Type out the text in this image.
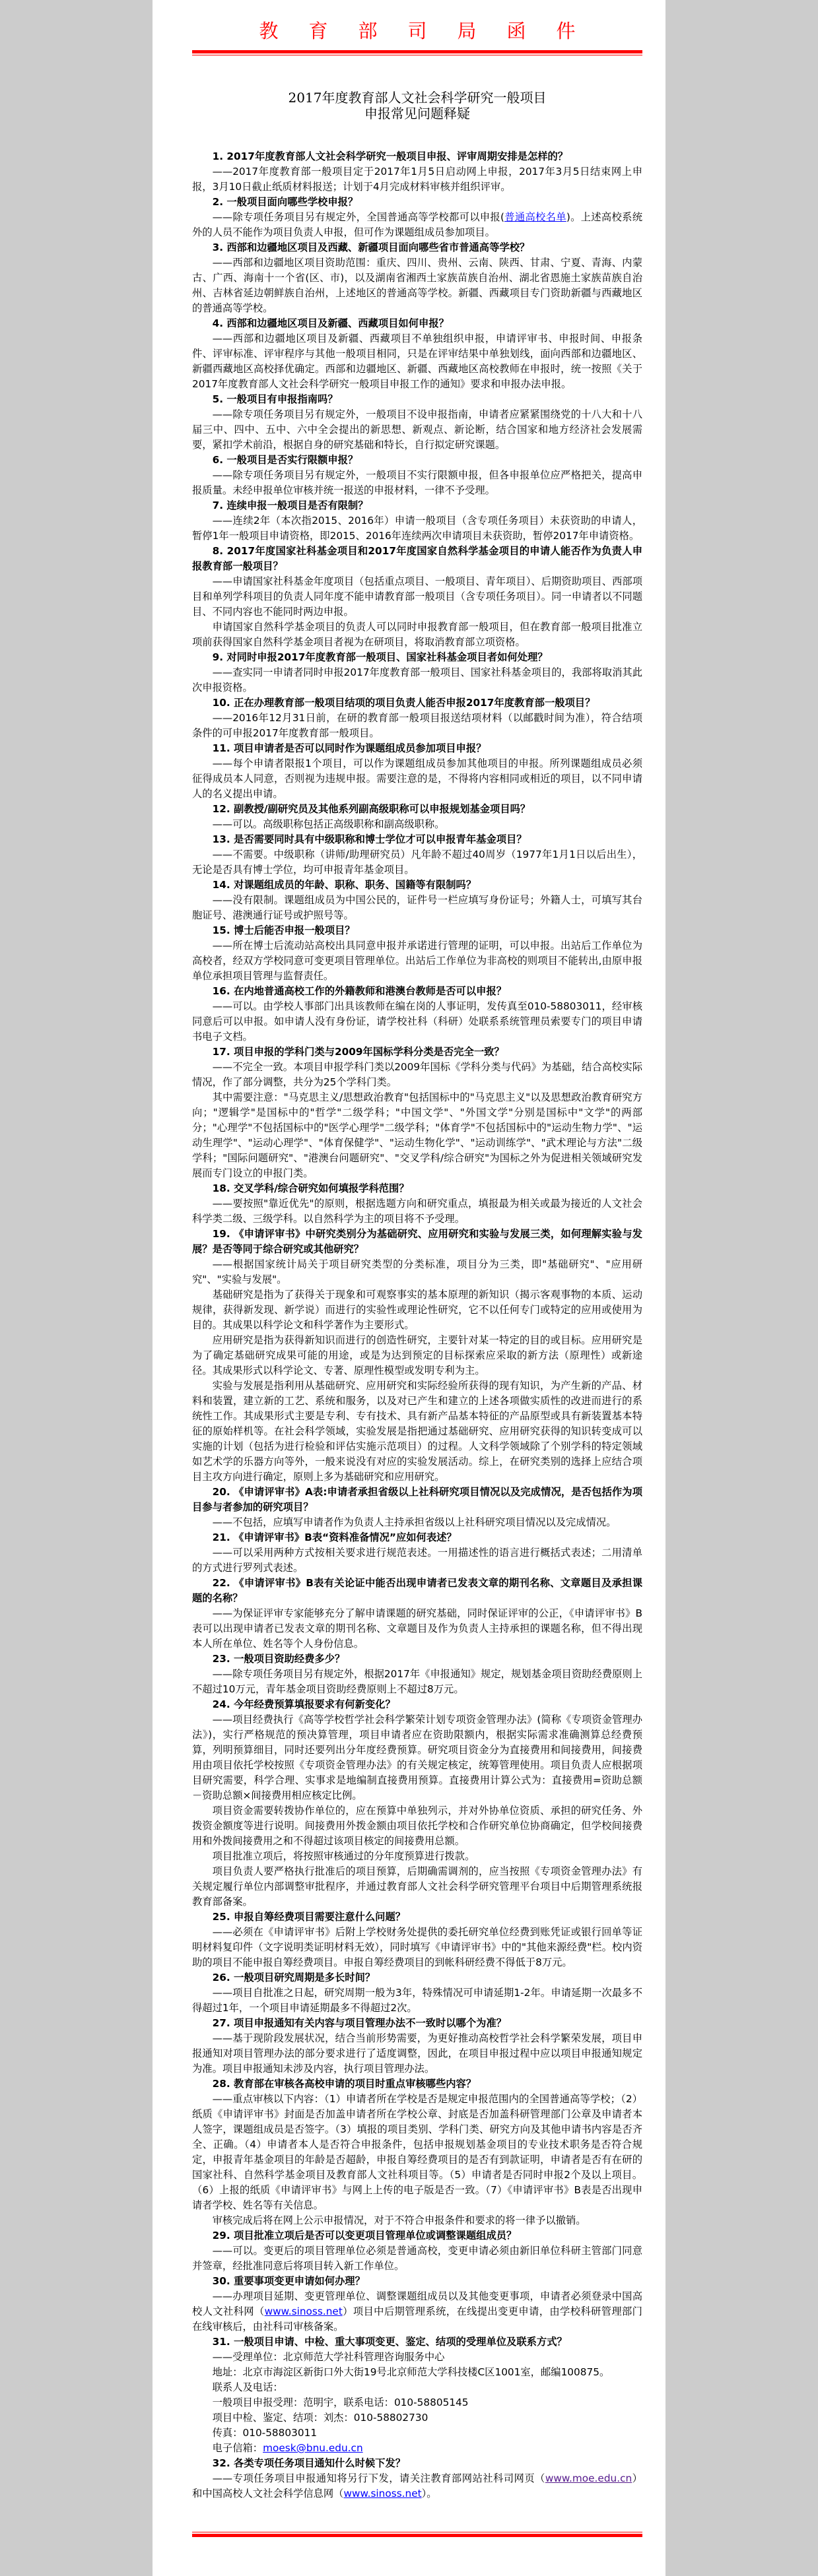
教育部司局函件
2017年度教育部人文社会科学研究一般项目
申报常见问题释疑

1. 2017年度教育部人文社会科学研究一般项目申报、评审周期安排是怎样的？

——2017年度教育部一般项目定于2017年1月5日启动网上申报，2017年3月5日结束网上申报，3月10日截止纸质材料报送；计划于4月完成材料审核并组织评审。

2. 一般项目面向哪些学校申报？

——除专项任务项目另有规定外，全国普通高等学校都可以申报(普通高校名单)。上述高校系统外的人员不能作为项目负责人申报，但可作为课题组成员参加项目。

3. 西部和边疆地区项目及西藏、新疆项目面向哪些省市普通高等学校？

——西部和边疆地区项目资助范围：重庆、四川、贵州、云南、陕西、甘肃、宁夏、青海、内蒙古、广西、海南十一个省(区、市)，以及湖南省湘西土家族苗族自治州、湖北省恩施土家族苗族自治州、吉林省延边朝鲜族自治州，上述地区的普通高等学校。新疆、西藏项目专门资助新疆与西藏地区的普通高等学校。

4. 西部和边疆地区项目及新疆、西藏项目如何申报？

——西部和边疆地区项目及新疆、西藏项目不单独组织申报，申请评审书、申报时间、申报条件、评审标准、评审程序与其他一般项目相同，只是在评审结果中单独划线，面向西部和边疆地区、新疆西藏地区高校择优确定。西部和边疆地区、新疆、西藏地区高校教师在申报时，统一按照《关于2017年度教育部人文社会科学研究一般项目申报工作的通知》要求和申报办法申报。

5. 一般项目有申报指南吗？

——除专项任务项目另有规定外，一般项目不设申报指南，申请者应紧紧围绕党的十八大和十八届三中、四中、五中、六中全会提出的新思想、新观点、新论断，结合国家和地方经济社会发展需要，紧扣学术前沿，根据自身的研究基础和特长，自行拟定研究课题。

6. 一般项目是否实行限额申报？

——除专项任务项目另有规定外，一般项目不实行限额申报，但各申报单位应严格把关，提高申报质量。未经申报单位审核并统一报送的申报材料，一律不予受理。

7. 连续申报一般项目是否有限制？

——连续2年（本次指2015、2016年）申请一般项目（含专项任务项目）未获资助的申请人，暂停1年一般项目申请资格，即2015、2016年连续两次申请项目未获资助，暂停2017年申请资格。

8. 2017年度国家社科基金项目和2017年度国家自然科学基金项目的申请人能否作为负责人申报教育部一般项目？

——申请国家社科基金年度项目（包括重点项目、一般项目、青年项目）、后期资助项目、西部项目和单列学科项目的负责人同年度不能申请教育部一般项目（含专项任务项目）。同一申请者以不同题目、不同内容也不能同时两边申报。

申请国家自然科学基金项目的负责人可以同时申报教育部一般项目，但在教育部一般项目批准立项前获得国家自然科学基金项目者视为在研项目，将取消教育部立项资格。

9. 对同时申报2017年度教育部一般项目、国家社科基金项目者如何处理？

——查实同一申请者同时申报2017年度教育部一般项目、国家社科基金项目的，我部将取消其此次申报资格。

10. 正在办理教育部一般项目结项的项目负责人能否申报2017年度教育部一般项目？

——2016年12月31日前，在研的教育部一般项目报送结项材料（以邮戳时间为准），符合结项条件的可申报2017年度教育部一般项目。

11. 项目申请者是否可以同时作为课题组成员参加项目申报？

——每个申请者限报1个项目，可以作为课题组成员参加其他项目的申报。所列课题组成员必须征得成员本人同意，否则视为违规申报。需要注意的是，不得将内容相同或相近的项目，以不同申请人的名义提出申请。

12. 副教授/副研究员及其他系列副高级职称可以申报规划基金项目吗？

——可以。高级职称包括正高级职称和副高级职称。

13. 是否需要同时具有中级职称和博士学位才可以申报青年基金项目？

——不需要。中级职称（讲师/助理研究员）凡年龄不超过40周岁（1977年1月1日以后出生），无论是否具有博士学位，均可申报青年基金项目。

14. 对课题组成员的年龄、职称、职务、国籍等有限制吗？

——没有限制。课题组成员为中国公民的，证件号一栏应填写身份证号；外籍人士，可填写其台胞证号、港澳通行证号或护照号等。

15. 博士后能否申报一般项目？

——所在博士后流动站高校出具同意申报并承诺进行管理的证明，可以申报。出站后工作单位为高校者，经双方学校同意可变更项目管理单位。出站后工作单位为非高校的则项目不能转出,由原申报单位承担项目管理与监督责任。

16. 在内地普通高校工作的外籍教师和港澳台教师是否可以申报？

——可以。由学校人事部门出具该教师在编在岗的人事证明，发传真至010-58803011，经审核同意后可以申报。如申请人没有身份证，请学校社科（科研）处联系系统管理员索要专门的项目申请书电子文档。

17. 项目申报的学科门类与2009年国标学科分类是否完全一致？

——不完全一致。本项目申报学科门类以2009年国标《学科分类与代码》为基础，结合高校实际情况，作了部分调整，共分为25个学科门类。

其中需要注意："马克思主义/思想政治教育"包括国标中的"马克思主义"以及思想政治教育研究方向；"逻辑学"是国标中的"哲学"二级学科；"中国文学"、"外国文学"分别是国标中"文学"的两部分；"心理学"不包括国标中的"医学心理学"二级学科；"体育学"不包括国标中的"运动生物力学"、"运动生理学"、"运动心理学"、"体育保健学"、"运动生物化学"、"运动训练学"、"武术理论与方法"二级学科；"国际问题研究"、"港澳台问题研究"、"交叉学科/综合研究"为国标之外为促进相关领域研究发展而专门设立的申报门类。

18. 交叉学科/综合研究如何填报学科范围？

——要按照"靠近优先"的原则，根据选题方向和研究重点，填报最为相关或最为接近的人文社会科学类二级、三级学科。以自然科学为主的项目将不予受理。

19. 《申请评审书》中研究类别分为基础研究、应用研究和实验与发展三类，如何理解实验与发展？是否等同于综合研究或其他研究？

——根据国家统计局关于项目研究类型的分类标准，项目分为三类，即"基础研究"、"应用研究"、"实验与发展"。

基础研究是指为了获得关于现象和可观察事实的基本原理的新知识（揭示客观事物的本质、运动规律，获得新发现、新学说）而进行的实验性或理论性研究，它不以任何专门或特定的应用或使用为目的。其成果以科学论文和科学著作为主要形式。

应用研究是指为获得新知识而进行的创造性研究，主要针对某一特定的目的或目标。应用研究是为了确定基础研究成果可能的用途，或是为达到预定的目标探索应采取的新方法（原理性）或新途径。其成果形式以科学论文、专著、原理性模型或发明专利为主。

实验与发展是指利用从基础研究、应用研究和实际经验所获得的现有知识，为产生新的产品、材料和装置，建立新的工艺、系统和服务，以及对已产生和建立的上述各项做实质性的改进而进行的系统性工作。其成果形式主要是专利、专有技术、具有新产品基本特征的产品原型或具有新装置基本特征的原始样机等。在社会科学领域，实验发展是指把通过基础研究、应用研究获得的知识转变成可以实施的计划（包括为进行检验和评估实施示范项目）的过程。人文科学领域除了个别学科的特定领域如艺术学的乐器方向等外，一般来说没有对应的实验发展活动。综上，在研究类别的选择上应结合项目主攻方向进行确定，原则上多为基础研究和应用研究。

20. 《申请评审书》A表:申请者承担省级以上社科研究项目情况以及完成情况，是否包括作为项目参与者参加的研究项目？

——不包括，应填写申请者作为负责人主持承担省级以上社科研究项目情况以及完成情况。

21. 《申请评审书》B表“资料准备情况”应如何表述？

——可以采用两种方式按相关要求进行规范表述。一用描述性的语言进行概括式表述；二用清单的方式进行罗列式表述。

22. 《申请评审书》B表有关论证中能否出现申请者已发表文章的期刊名称、文章题目及承担课题的名称？

——为保证评审专家能够充分了解申请课题的研究基础，同时保证评审的公正，《申请评审书》B表可以出现申请者已发表文章的期刊名称、文章题目及作为负责人主持承担的课题名称，但不得出现本人所在单位、姓名等个人身份信息。

23. 一般项目资助经费多少？

——除专项任务项目另有规定外，根据2017年《申报通知》规定，规划基金项目资助经费原则上不超过10万元，青年基金项目资助经费原则上不超过8万元。

24. 今年经费预算填报要求有何新变化？

——项目经费执行《高等学校哲学社会科学繁荣计划专项资金管理办法》(简称《专项资金管理办法》)，实行严格规范的预决算管理，项目申请者应在资助限额内，根据实际需求准确测算总经费预算，列明预算细目，同时还要列出分年度经费预算。研究项目资金分为直接费用和间接费用，间接费用由项目依托学校按照《专项资金管理办法》的有关规定核定，统筹管理使用。项目负责人应根据项目研究需要，科学合理、实事求是地编制直接费用预算。直接费用计算公式为：直接费用=资助总额－资助总额×间接费用相应核定比例。

项目资金需要转拨协作单位的，应在预算中单独列示，并对外协单位资质、承担的研究任务、外拨资金额度等进行说明。间接费用外拨金额由项目依托学校和合作研究单位协商确定，但学校间接费用和外拨间接费用之和不得超过该项目核定的间接费用总额。

项目批准立项后，将按照审核通过的分年度预算进行拨款。

项目负责人要严格执行批准后的项目预算，后期确需调剂的，应当按照《专项资金管理办法》有关规定履行单位内部调整审批程序，并通过教育部人文社会科学研究管理平台项目中后期管理系统报教育部备案。

25. 申报自筹经费项目需要注意什么问题？

——必须在《申请评审书》后附上学校财务处提供的委托研究单位经费到账凭证或银行回单等证明材料复印件（文字说明类证明材料无效），同时填写《申请评审书》中的"其他来源经费"栏。校内资助的项目不能申报自筹经费项目。申报自筹经费项目的到帐科研经费不得低于8万元。

26. 一般项目研究周期是多长时间？

——项目自批准之日起，研究周期一般为3年，特殊情况可申请延期1-2年。申请延期一次最多不得超过1年，一个项目申请延期最多不得超过2次。

27. 项目申报通知有关内容与项目管理办法不一致时以哪个为准？

——基于现阶段发展状况，结合当前形势需要，为更好推动高校哲学社会科学繁荣发展，项目申报通知对项目管理办法的部分要求进行了适度调整，因此，在项目申报过程中应以项目申报通知规定为准。项目申报通知未涉及内容，执行项目管理办法。

28. 教育部在审核各高校申请的项目时重点审核哪些内容？

——重点审核以下内容：（1）申请者所在学校是否是规定申报范围内的全国普通高等学校；（2）纸质《申请评审书》封面是否加盖申请者所在学校公章、封底是否加盖科研管理部门公章及申请者本人签字，课题组成员是否签字。（3）填报的项目类别、学科门类、研究方向及其他申请书内容是否齐全、正确。（4）申请者本人是否符合申报条件，包括申报规划基金项目的专业技术职务是否符合规定，申报青年基金项目的年龄是否超龄，申报自筹经费项目的是否有到款证明，申请者是否有在研的国家社科、自然科学基金项目及教育部人文社科项目等。（5）申请者是否同时申报2个及以上项目。（6）上报的纸质《申请评审书》与网上上传的电子版是否一致。（7）《申请评审书》B表是否出现申请者学校、姓名等有关信息。

审核完成后将在网上公示申报情况，对于不符合申报条件和要求的将一律予以撤销。

29. 项目批准立项后是否可以变更项目管理单位或调整课题组成员？

——可以。变更后的项目管理单位必须是普通高校，变更申请必须由新旧单位科研主管部门同意并签章，经批准同意后将项目转入新工作单位。

30. 重要事项变更申请如何办理？

——办理项目延期、变更管理单位、调整课题组成员以及其他变更事项，申请者必须登录中国高校人文社科网（www.sinoss.net）项目中后期管理系统，在线提出变更申请，由学校科研管理部门在线审核后，由社科司审核备案。

31. 一般项目申请、中检、重大事项变更、鉴定、结项的受理单位及联系方式？

——受理单位：北京师范大学社科管理咨询服务中心

地址：北京市海淀区新街口外大街19号北京师范大学科技楼C区1001室，邮编100875。

联系人及电话：

一般项目申报受理：范明宇，联系电话：010-58805145

项目中检、鉴定、结项：刘杰：010-58802730

传真：010-58803011

电子信箱：moesk@bnu.edu.cn

32. 各类专项任务项目通知什么时候下发？

——专项任务项目申报通知将另行下发，请关注教育部网站社科司网页（www.moe.edu.cn）和中国高校人文社会科学信息网（www.sinoss.net）。
